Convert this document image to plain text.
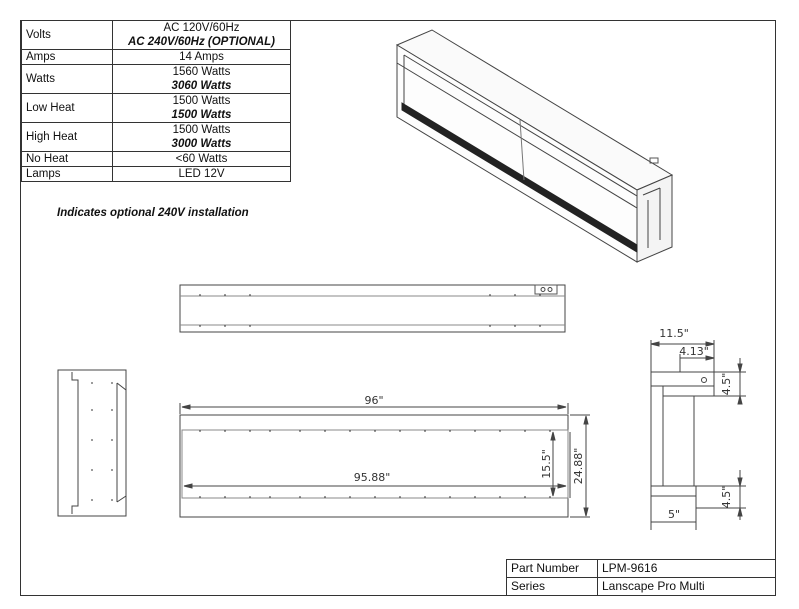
Volts	AC 120V/60Hz
AC 240V/60Hz (OPTIONAL)

Amps	14 Amps
Watts	1560 Watts
3060 Watts

Low Heat	1500 Watts
1500 Watts

High Heat	1500 Watts
3000 Watts

No Heat	<60 Watts
Lamps	LED 12V
Indicates optional 240V installation
96"
95.88"	15.5" 24.88"
11.5"
4.13"
4.5"
4.5"
5"
Part Number	LPM-9616
Series	Lanscape Pro Multi
